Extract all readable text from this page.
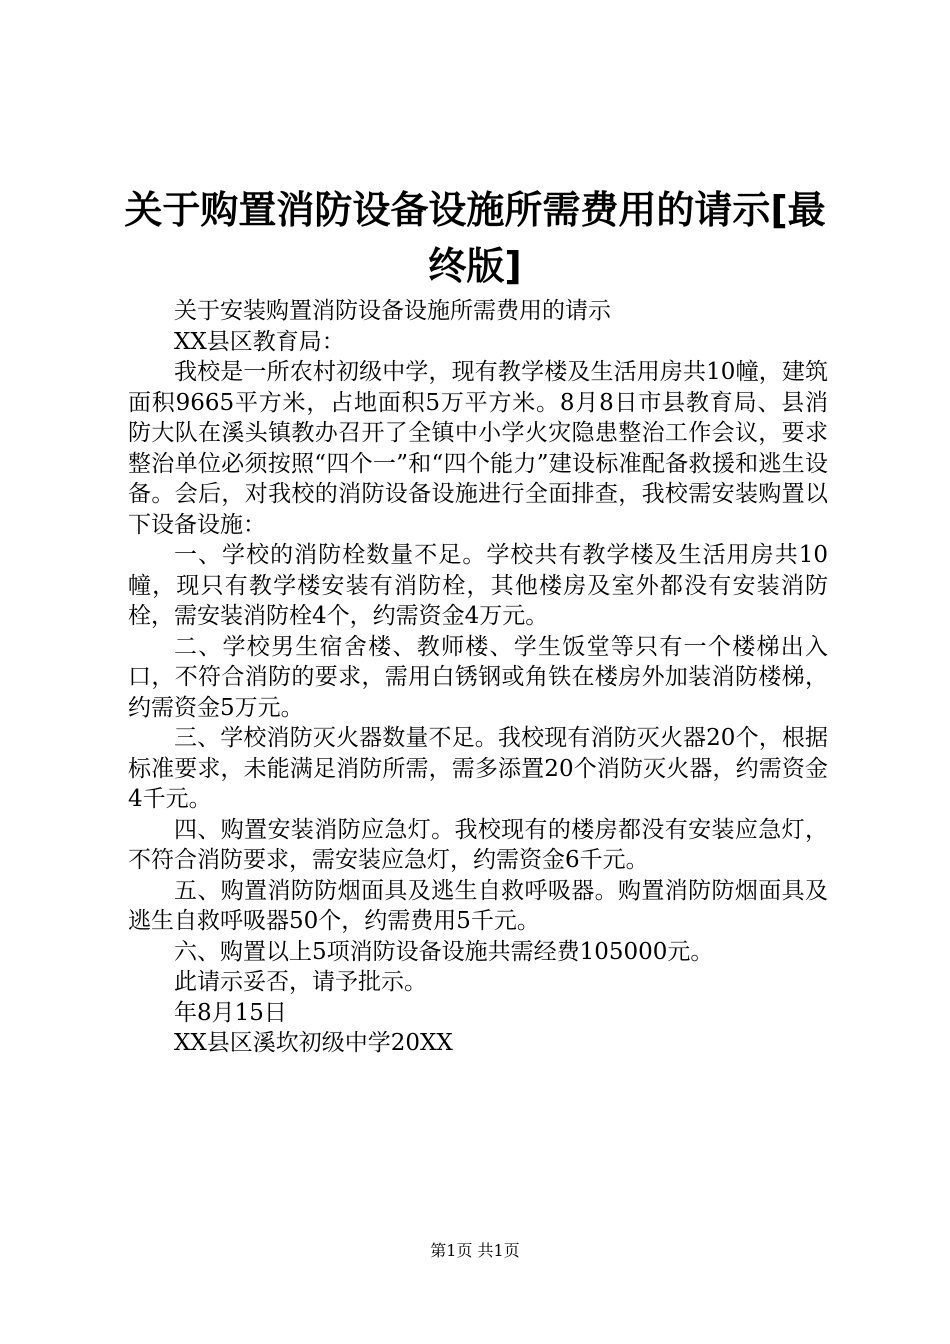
关于购置消防设备设施所需费用的请示[最终版]

关于安装购置消防设备设施所需费用的请示

XX县区教育局：

我校是一所农村初级中学，现有教学楼及生活用房共10幢，建筑面积9665平方米，占地面积5万平方米。8月8日市县教育局、县消防大队在溪头镇教办召开了全镇中小学火灾隐患整治工作会议，要求整治单位必须按照“四个一”和“四个能力”建设标准配备救援和逃生设备。会后，对我校的消防设备设施进行全面排查，我校需安装购置以下设备设施：

一、学校的消防栓数量不足。学校共有教学楼及生活用房共10幢，现只有教学楼安装有消防栓，其他楼房及室外都没有安装消防栓，需安装消防栓4个，约需资金4万元。

二、学校男生宿舍楼、教师楼、学生饭堂等只有一个楼梯出入口，不符合消防的要求，需用白锈钢或角铁在楼房外加装消防楼梯，约需资金5万元。

三、学校消防灭火器数量不足。我校现有消防灭火器20个，根据标准要求，未能满足消防所需，需多添置20个消防灭火器，约需资金4千元。

四、购置安装消防应急灯。我校现有的楼房都没有安装应急灯，不符合消防要求，需安装应急灯，约需资金6千元。

五、购置消防防烟面具及逃生自救呼吸器。购置消防防烟面具及逃生自救呼吸器50个，约需费用5千元。

六、购置以上5项消防设备设施共需经费105000元。

此请示妥否，请予批示。

年8月15日

XX县区溪坎初级中学20XX

第1页 共1页
